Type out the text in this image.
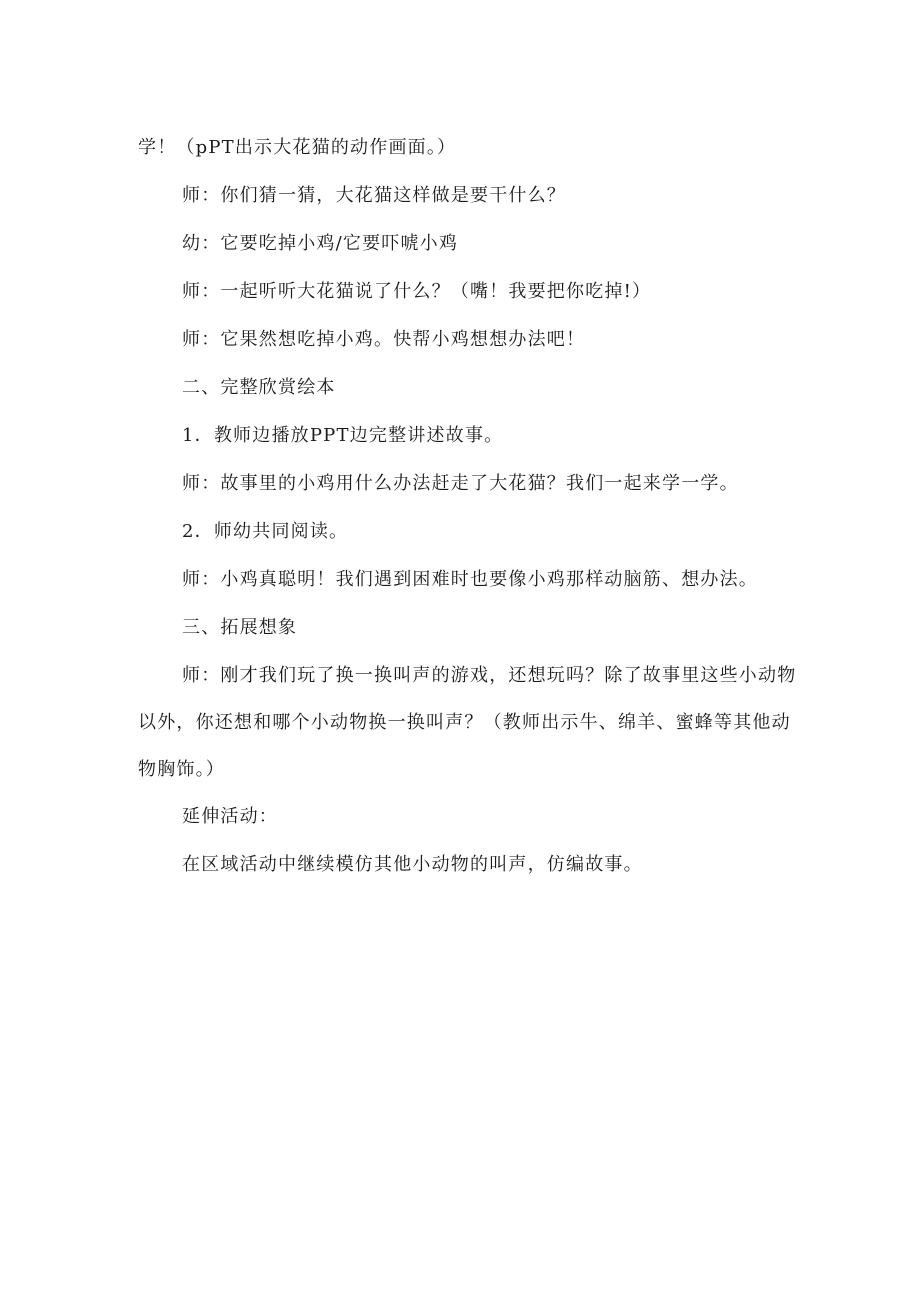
学！（pPT出示大花猫的动作画面。）

师：你们猜一猜，大花猫这样做是要干什么？

幼：它要吃掉小鸡/它要吓唬小鸡

师：一起听听大花猫说了什么？（嘴！我要把你吃掉!）

师：它果然想吃掉小鸡。快帮小鸡想想办法吧！

二、完整欣赏绘本

1．教师边播放PPT边完整讲述故事。

师：故事里的小鸡用什么办法赶走了大花猫？我们一起来学一学。

2．师幼共同阅读。

师：小鸡真聪明！我们遇到困难时也要像小鸡那样动脑筋、想办法。

三、拓展想象

师：刚才我们玩了换一换叫声的游戏，还想玩吗？除了故事里这些小动物以外，你还想和哪个小动物换一换叫声？（教师出示牛、绵羊、蜜蜂等其他动物胸饰。）

延伸活动：

在区域活动中继续模仿其他小动物的叫声，仿编故事。
